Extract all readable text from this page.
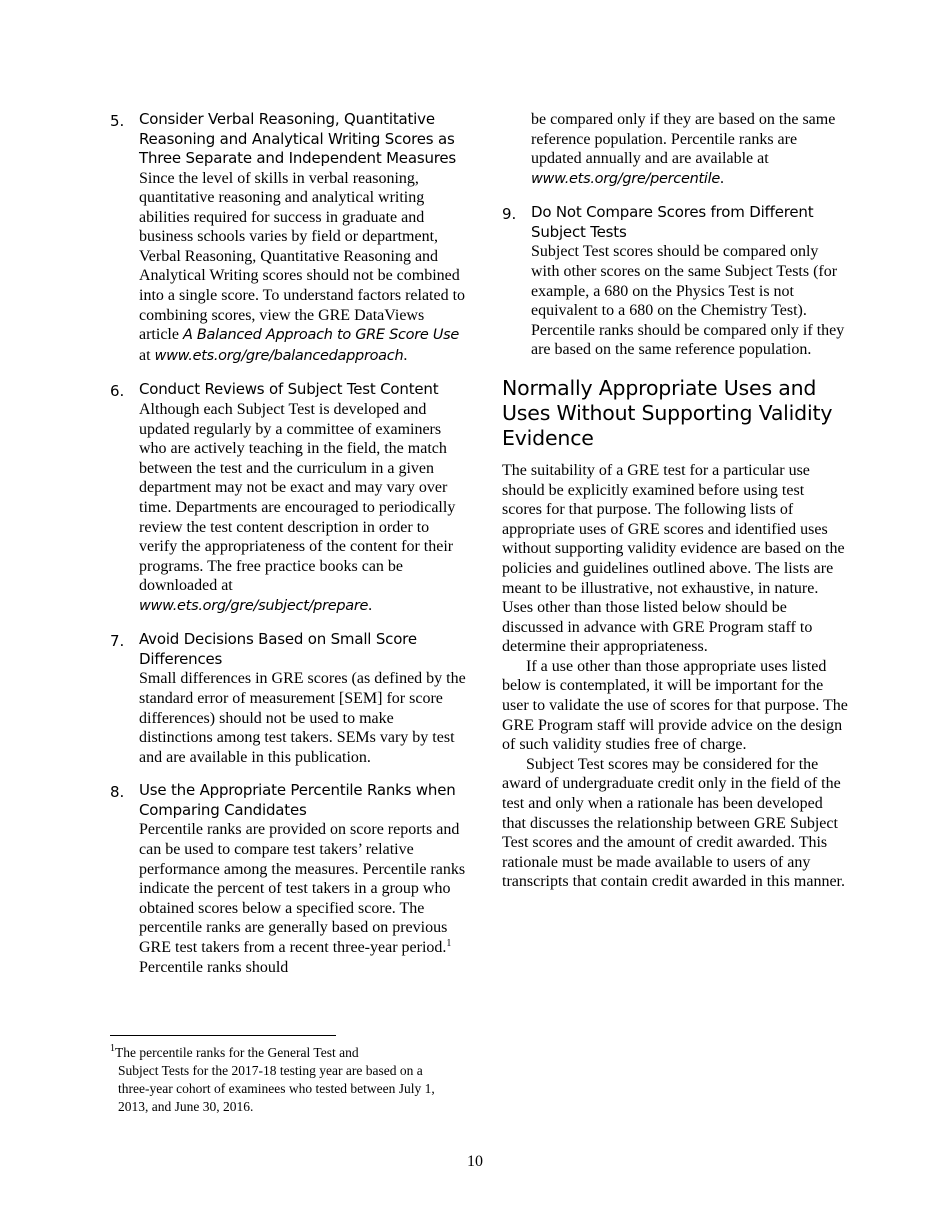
5. Consider Verbal Reasoning, Quantitative Reasoning and Analytical Writing Scores as Three Separate and Independent Measures
Since the level of skills in verbal reasoning, quantitative reasoning and analytical writing abilities required for success in graduate and business schools varies by field or department, Verbal Reasoning, Quantitative Reasoning and Analytical Writing scores should not be combined into a single score. To understand factors related to combining scores, view the GRE DataViews article A Balanced Approach to GRE Score Use at www.ets.org/gre/balancedapproach.
6. Conduct Reviews of Subject Test Content
Although each Subject Test is developed and updated regularly by a committee of examiners who are actively teaching in the field, the match between the test and the curriculum in a given department may not be exact and may vary over time. Departments are encouraged to periodically review the test content description in order to verify the appropriateness of the content for their programs. The free practice books can be downloaded at www.ets.org/gre/subject/prepare.
7. Avoid Decisions Based on Small Score Differences
Small differences in GRE scores (as defined by the standard error of measurement [SEM] for score differences) should not be used to make distinctions among test takers. SEMs vary by test and are available in this publication.
8. Use the Appropriate Percentile Ranks when Comparing Candidates
Percentile ranks are provided on score reports and can be used to compare test takers’ relative performance among the measures. Percentile ranks indicate the percent of test takers in a group who obtained scores below a specified score. The percentile ranks are generally based on previous GRE test takers from a recent three-year period.$^1$ Percentile ranks should
be compared only if they are based on the same reference population. Percentile ranks are updated annually and are available at www.ets.org/gre/percentile.
9. Do Not Compare Scores from Different Subject Tests
Subject Test scores should be compared only with other scores on the same Subject Tests (for example, a 680 on the Physics Test is not equivalent to a 680 on the Chemistry Test). Percentile ranks should be compared only if they are based on the same reference population.
Normally Appropriate Uses and Uses Without Supporting Validity Evidence

The suitability of a GRE test for a particular use should be explicitly examined before using test scores for that purpose. The following lists of appropriate uses of GRE scores and identified uses without supporting validity evidence are based on the policies and guidelines outlined above. The lists are meant to be illustrative, not exhaustive, in nature. Uses other than those listed below should be discussed in advance with GRE Program staff to determine their appropriateness.

If a use other than those appropriate uses listed below is contemplated, it will be important for the user to validate the use of scores for that purpose. The GRE Program staff will provide advice on the design of such validity studies free of charge.

Subject Test scores may be considered for the award of undergraduate credit only in the field of the test and only when a rationale has been developed that discusses the relationship between GRE Subject Test scores and the amount of credit awarded. This rationale must be made available to users of any transcripts that contain credit awarded in this manner.

$^1$The percentile ranks for the General Test and
Subject Tests for the 2017-18 testing year are based on a three-year cohort of examinees who tested between July 1, 2013, and June 30, 2016.
10
